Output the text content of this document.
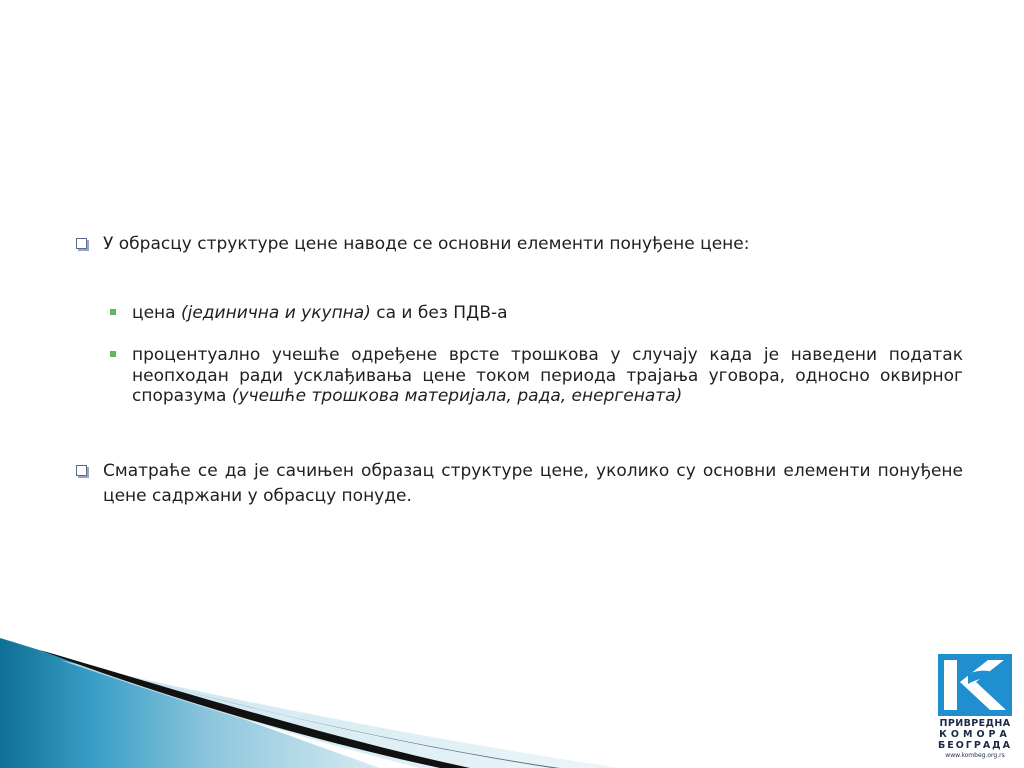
У обрасцу структуре цене наводе се основни елементи понуђене цене:
цена (јединична и укупна) са и без ПДВ-а
процентуално учешће одређене врсте трошкова у случају када је наведени податак неопходан ради усклађивања цене током периода трајања уговора, односно оквирног споразума (учешће трошкова материјала, рада, енергената)
Сматраће се да је сачињен образац структуре цене, уколико су основни елементи понуђене цене садржани у обрасцу понуде.
ПРИВРЕДНА
КОМОРА
БЕОГРАДА
www.kombeg.org.rs
